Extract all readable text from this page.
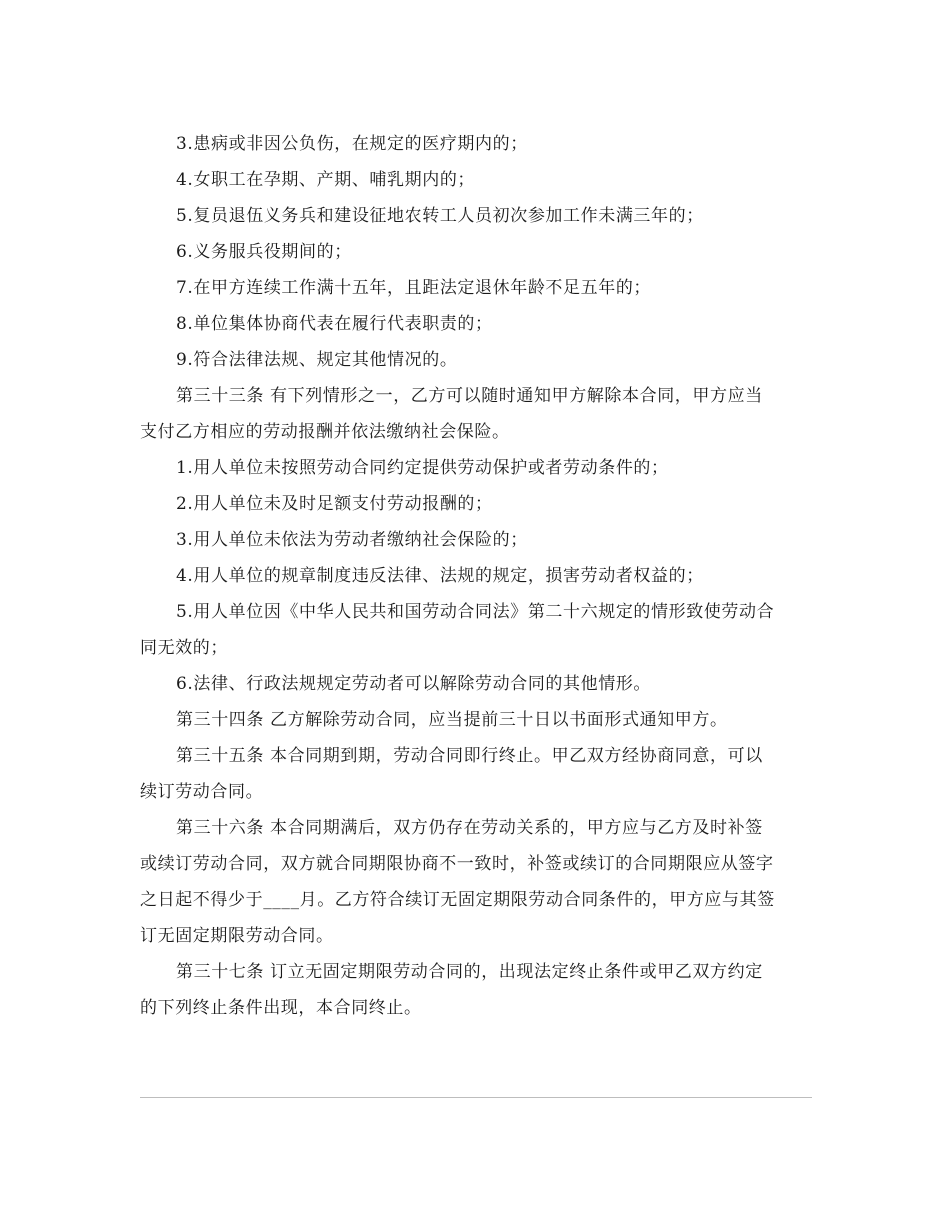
3.患病或非因公负伤，在规定的医疗期内的；
4.女职工在孕期、产期、哺乳期内的；
5.复员退伍义务兵和建设征地农转工人员初次参加工作未满三年的；
6.义务服兵役期间的；
7.在甲方连续工作满十五年，且距法定退休年龄不足五年的；
8.单位集体协商代表在履行代表职责的；
9.符合法律法规、规定其他情况的。
第三十三条 有下列情形之一，乙方可以随时通知甲方解除本合同，甲方应当
支付乙方相应的劳动报酬并依法缴纳社会保险。
1.用人单位未按照劳动合同约定提供劳动保护或者劳动条件的；
2.用人单位未及时足额支付劳动报酬的；
3.用人单位未依法为劳动者缴纳社会保险的；
4.用人单位的规章制度违反法律、法规的规定，损害劳动者权益的；
5.用人单位因《中华人民共和国劳动合同法》第二十六规定的情形致使劳动合
同无效的；
6.法律、行政法规规定劳动者可以解除劳动合同的其他情形。
第三十四条 乙方解除劳动合同，应当提前三十日以书面形式通知甲方。
第三十五条 本合同期到期，劳动合同即行终止。甲乙双方经协商同意，可以
续订劳动合同。
第三十六条 本合同期满后，双方仍存在劳动关系的，甲方应与乙方及时补签
或续订劳动合同，双方就合同期限协商不一致时，补签或续订的合同期限应从签字
之日起不得少于____月。乙方符合续订无固定期限劳动合同条件的，甲方应与其签
订无固定期限劳动合同。
第三十七条 订立无固定期限劳动合同的，出现法定终止条件或甲乙双方约定
的下列终止条件出现，本合同终止。
